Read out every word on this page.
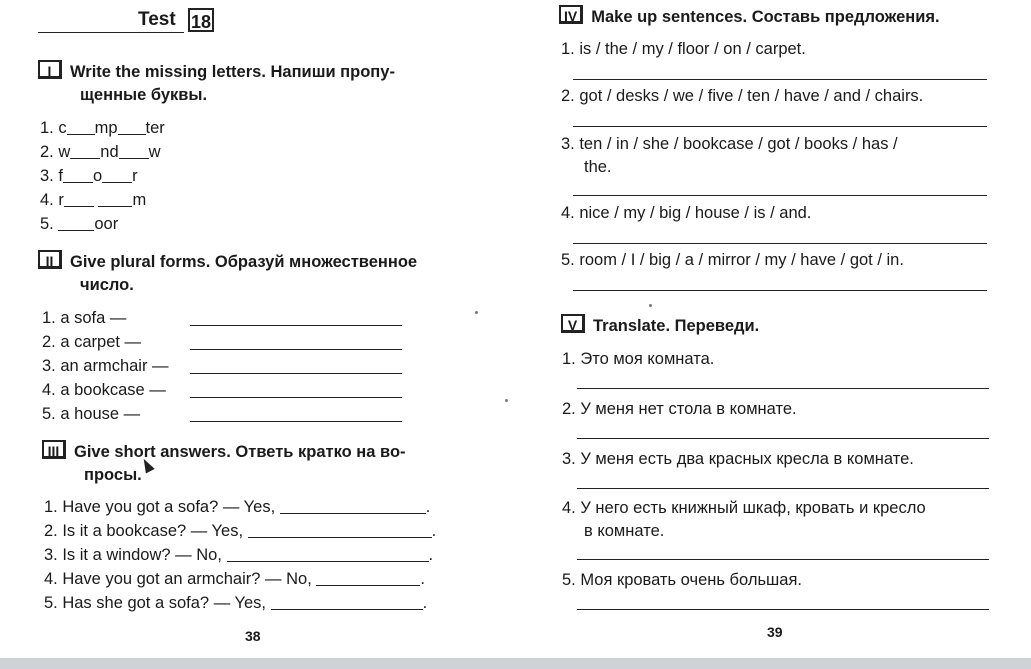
Test 18
I Write the missing letters. Напиши пропу-
щенные буквы.
1. c mp ter
2. w nd w
3. f o r
4. r	m
5. oor
II Give plural forms. Образуй множественное
число.
1. a sofa —
2. a carpet —
3. an armchair —
4. a bookcase —
5. a house —
III Give short answers. Ответь кратко на во-
просы.
1. Have you got a sofa? — Yes,	.
2. Is it a bookcase? — Yes,	.
3. Is it a window? — No,	.
4. Have you got an armchair? — No,	.
5. Has she got a sofa? — Yes,	.
38
IV Make up sentences. Составь предложения.
1. is / the / my / floor / on / carpet.
2. got / desks / we / five / ten / have / and / chairs.
3. ten / in / she / bookcase / got / books / has /
the.
4. nice / my / big / house / is / and.
5. room / I / big / a / mirror / my / have / got / in.
V Translate. Переведи.
1. Это моя комната.
2. У меня нет стола в комнате.
3. У меня есть два красных кресла в комнате.
4. У него есть книжный шкаф, кровать и кресло
в комнате.
5. Моя кровать очень большая.
39
